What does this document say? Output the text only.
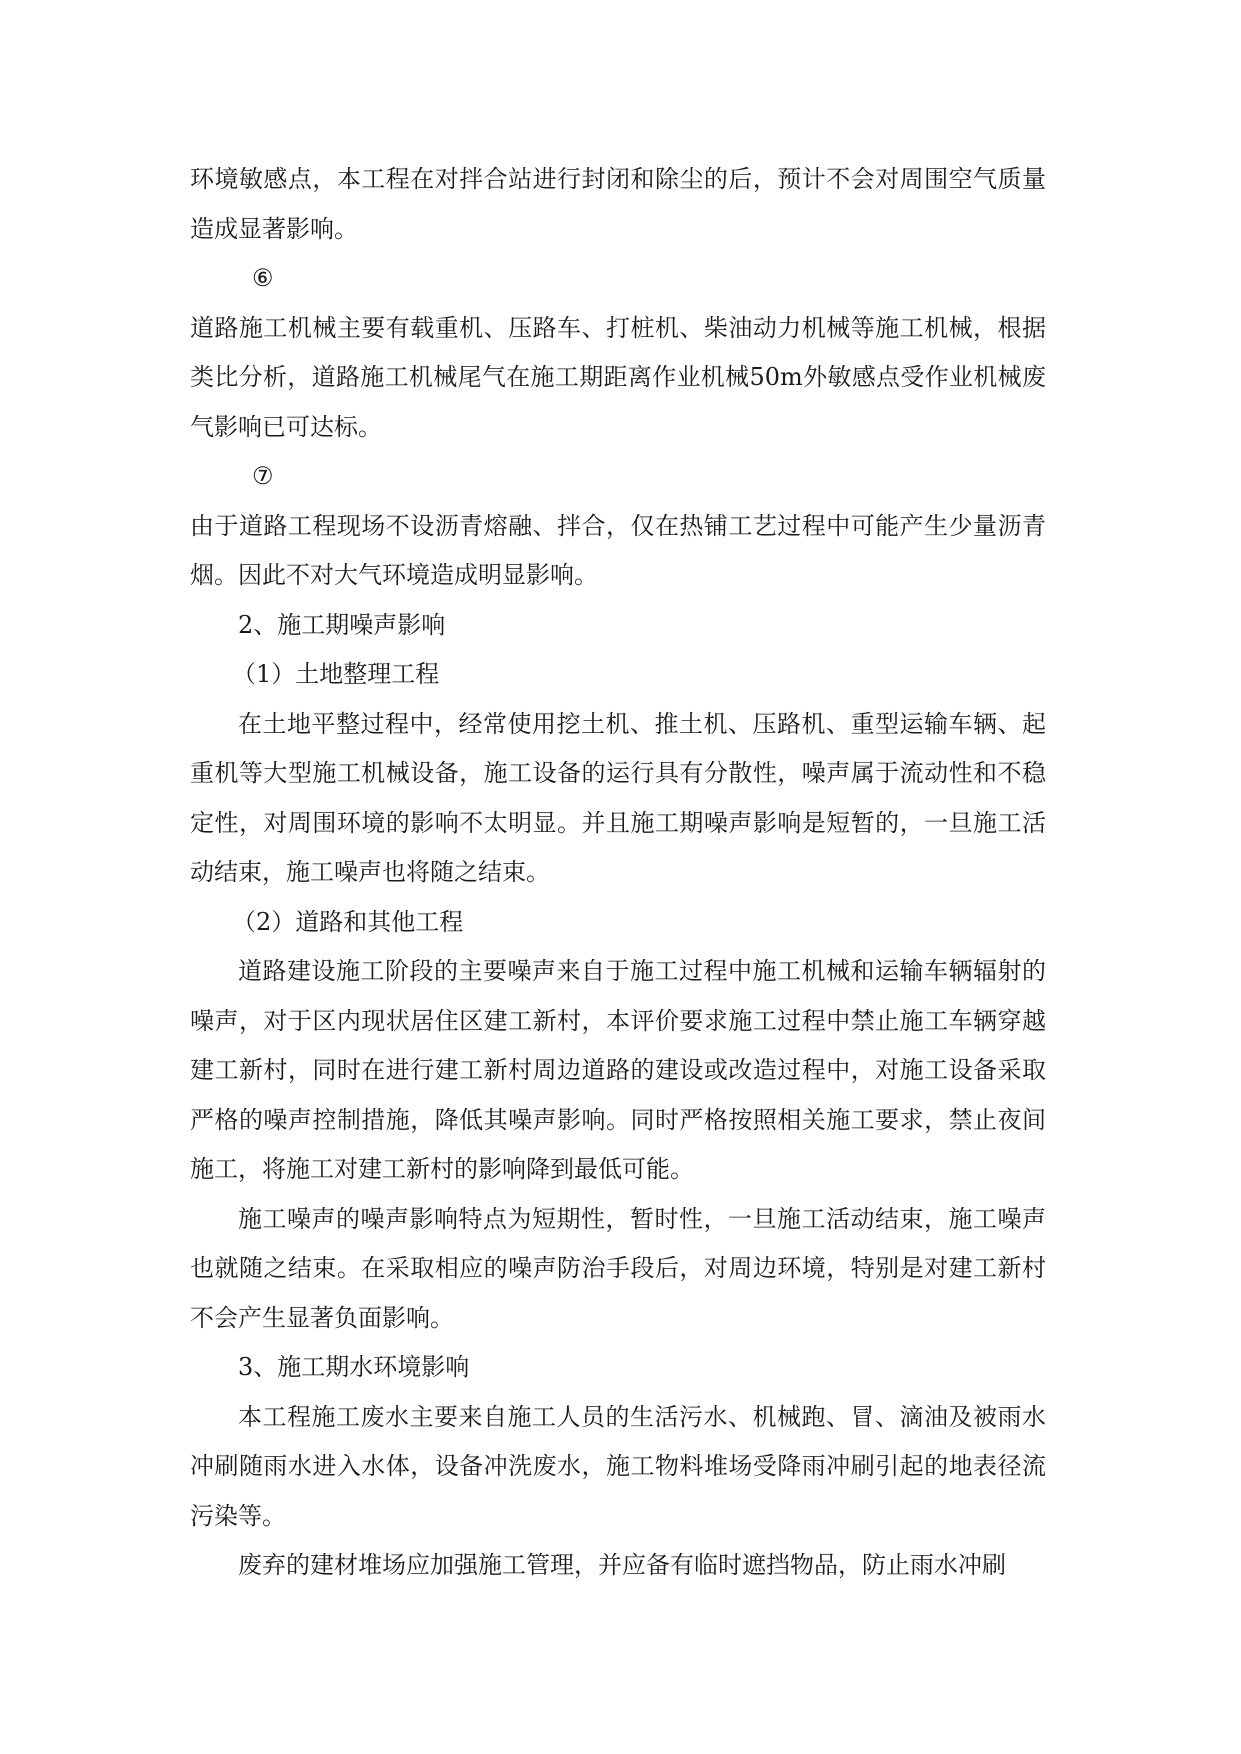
环境敏感点，本工程在对拌合站进行封闭和除尘的后，预计不会对周围空气质量造成显著影响。

⑥

道路施工机械主要有载重机、压路车、打桩机、柴油动力机械等施工机械，根据类比分析，道路施工机械尾气在施工期距离作业机械50m外敏感点受作业机械废气影响已可达标。

⑦

由于道路工程现场不设沥青熔融、拌合，仅在热铺工艺过程中可能产生少量沥青烟。因此不对大气环境造成明显影响。

2、施工期噪声影响

（1）土地整理工程

在土地平整过程中，经常使用挖土机、推土机、压路机、重型运输车辆、起重机等大型施工机械设备，施工设备的运行具有分散性，噪声属于流动性和不稳定性，对周围环境的影响不太明显。并且施工期噪声影响是短暂的，一旦施工活动结束，施工噪声也将随之结束。

（2）道路和其他工程

道路建设施工阶段的主要噪声来自于施工过程中施工机械和运输车辆辐射的噪声，对于区内现状居住区建工新村，本评价要求施工过程中禁止施工车辆穿越建工新村，同时在进行建工新村周边道路的建设或改造过程中，对施工设备采取严格的噪声控制措施，降低其噪声影响。同时严格按照相关施工要求，禁止夜间施工，将施工对建工新村的影响降到最低可能。

施工噪声的噪声影响特点为短期性，暂时性，一旦施工活动结束，施工噪声也就随之结束。在采取相应的噪声防治手段后，对周边环境，特别是对建工新村不会产生显著负面影响。

3、施工期水环境影响

本工程施工废水主要来自施工人员的生活污水、机械跑、冒、滴油及被雨水冲刷随雨水进入水体，设备冲洗废水，施工物料堆场受降雨冲刷引起的地表径流污染等。

废弃的建材堆场应加强施工管理，并应备有临时遮挡物品，防止雨水冲刷
